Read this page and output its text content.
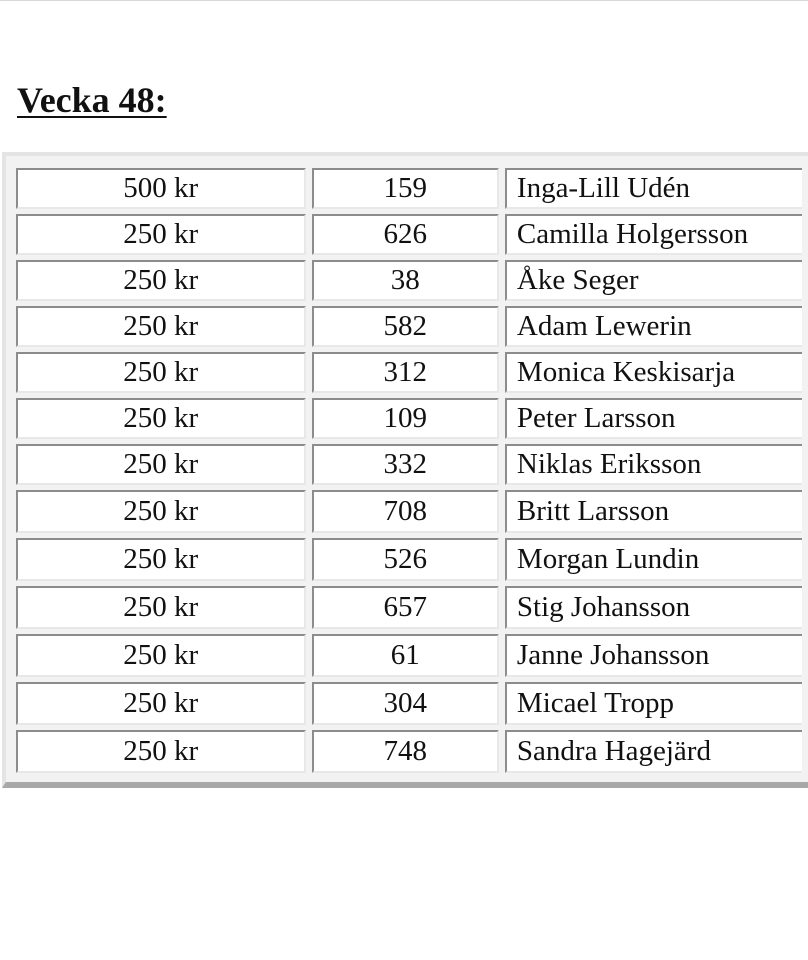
Vecka 48:
500 kr	159	Inga-Lill Udén
250 kr	626	Camilla Holgersson
250 kr	38	Åke Seger
250 kr	582	Adam Lewerin
250 kr	312	Monica Keskisarja
250 kr	109	Peter Larsson
250 kr	332	Niklas Eriksson
250 kr	708	Britt Larsson
250 kr	526	Morgan Lundin
250 kr	657	Stig Johansson
250 kr	61	Janne Johansson
250 kr	304	Micael Tropp
250 kr	748	Sandra Hagejärd
